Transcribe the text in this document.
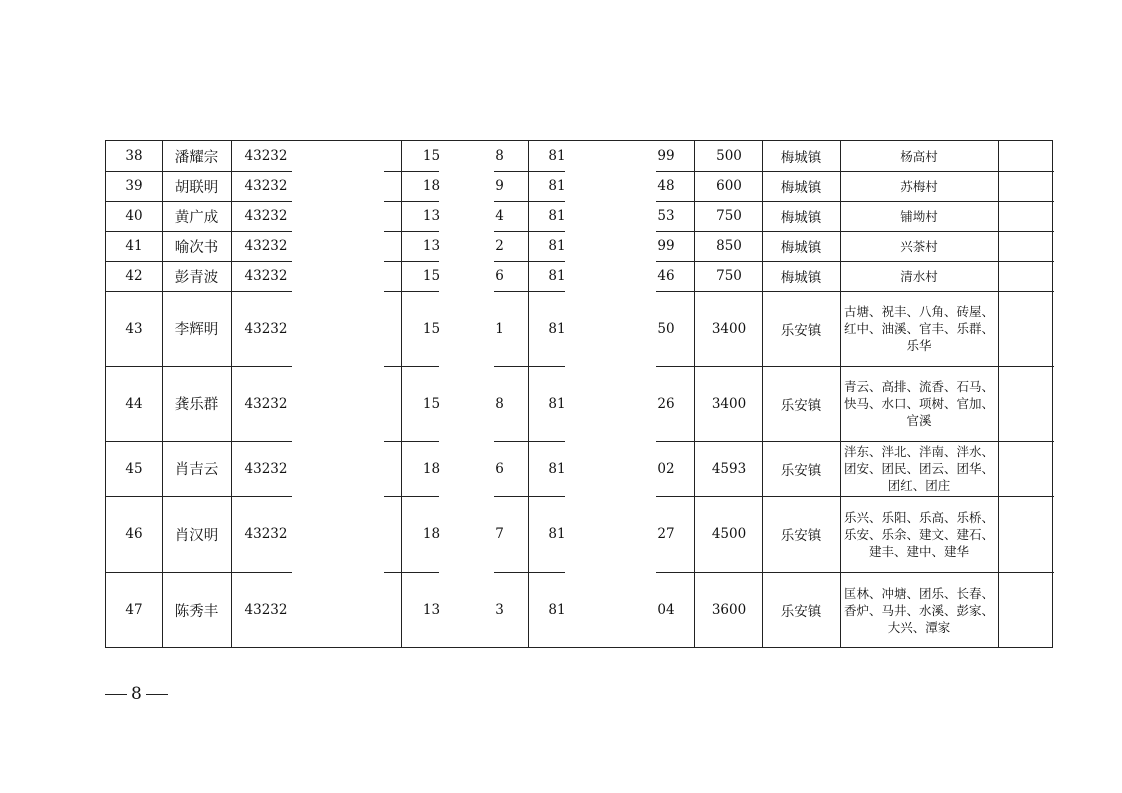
38	潘耀宗	43232	15	8	81	99	500	梅城镇	杨高村
39	胡联明	43232	18	9	81	48	600	梅城镇	苏梅村
40	黄广成	43232	13	4	81	53	750	梅城镇	铺坳村
41	喻次书	43232	13	2	81	99	850	梅城镇	兴茶村
42	彭青波	43232	15	6	81	46	750	梅城镇	清水村
43	李辉明	43232	15	1	81	50	3400	乐安镇
古塘、祝丰、八角、砖屋、红中、油溪、官丰、乐群、乐华
44	龚乐群	43232	15	8	81	26	3400	乐安镇
青云、高排、流香、石马、快马、水口、项树、官加、官溪
45	肖吉云	43232	18	6	81	02	4593	乐安镇
泮东、泮北、泮南、泮水、团安、团民、团云、团华、团红、团庄
46	肖汉明	43232	18	7	81	27	4500	乐安镇
乐兴、乐阳、乐高、乐桥、乐安、乐余、建文、建石、建丰、建中、建华
47	陈秀丰	43232	13	3	81	04	3600	乐安镇
匡林、冲塘、团乐、长春、香炉、马井、水溪、彭家、大兴、潭家
8
